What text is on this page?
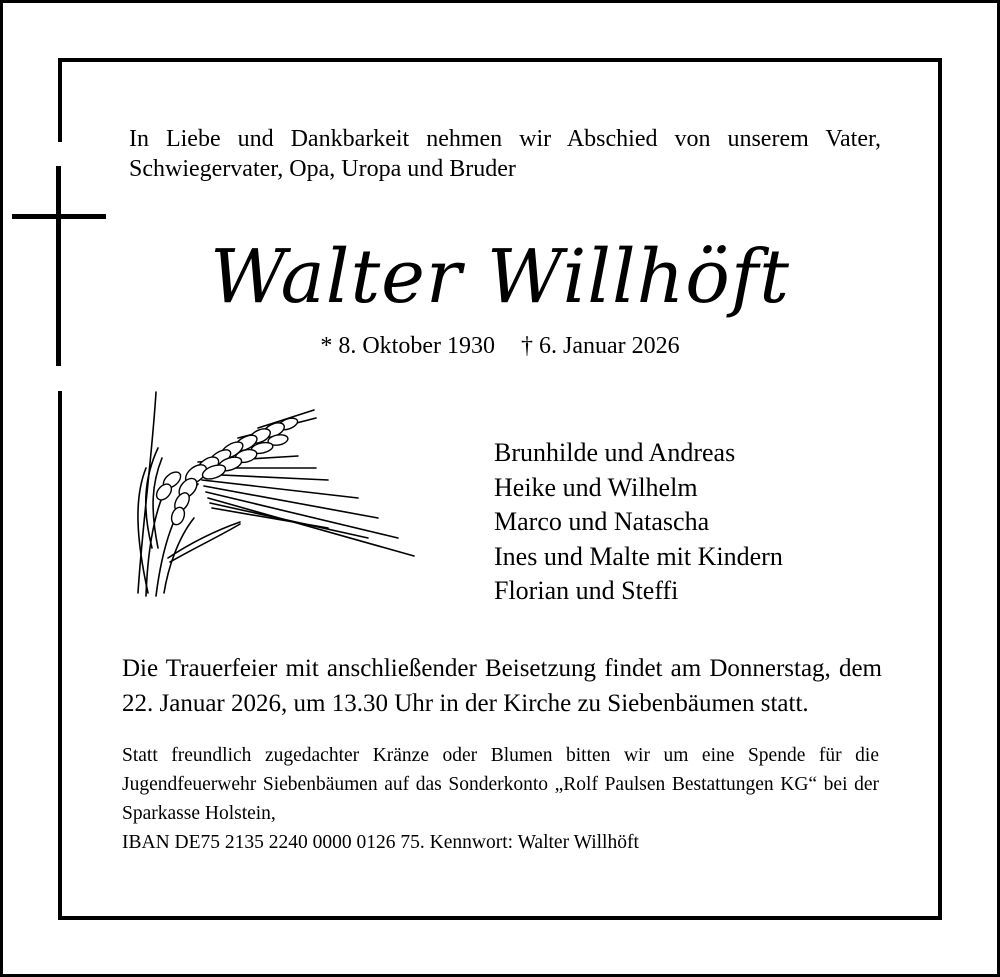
In Liebe und Dankbarkeit nehmen wir Abschied von unserem Vater, Schwiegervater, Opa, Uropa und Bruder

Walter Willhöft
* 8. Oktober 1930 † 6. Januar 2026
Brunhilde und Andreas
Heike und Wilhelm
Marco und Natascha
Ines und Malte mit Kindern
Florian und Steffi

Die Trauerfeier mit anschließender Beisetzung findet am Donnerstag, dem 22. Januar 2026, um 13.30 Uhr in der Kirche zu Siebenbäumen statt.

Statt freundlich zugedachter Kränze oder Blumen bitten wir um eine Spende für die Jugendfeuerwehr Siebenbäumen auf das Sonderkonto „Rolf Paulsen Bestattungen KG“ bei der Sparkasse Holstein,

IBAN DE75 2135 2240 0000 0126 75. Kennwort: Walter Willhöft
